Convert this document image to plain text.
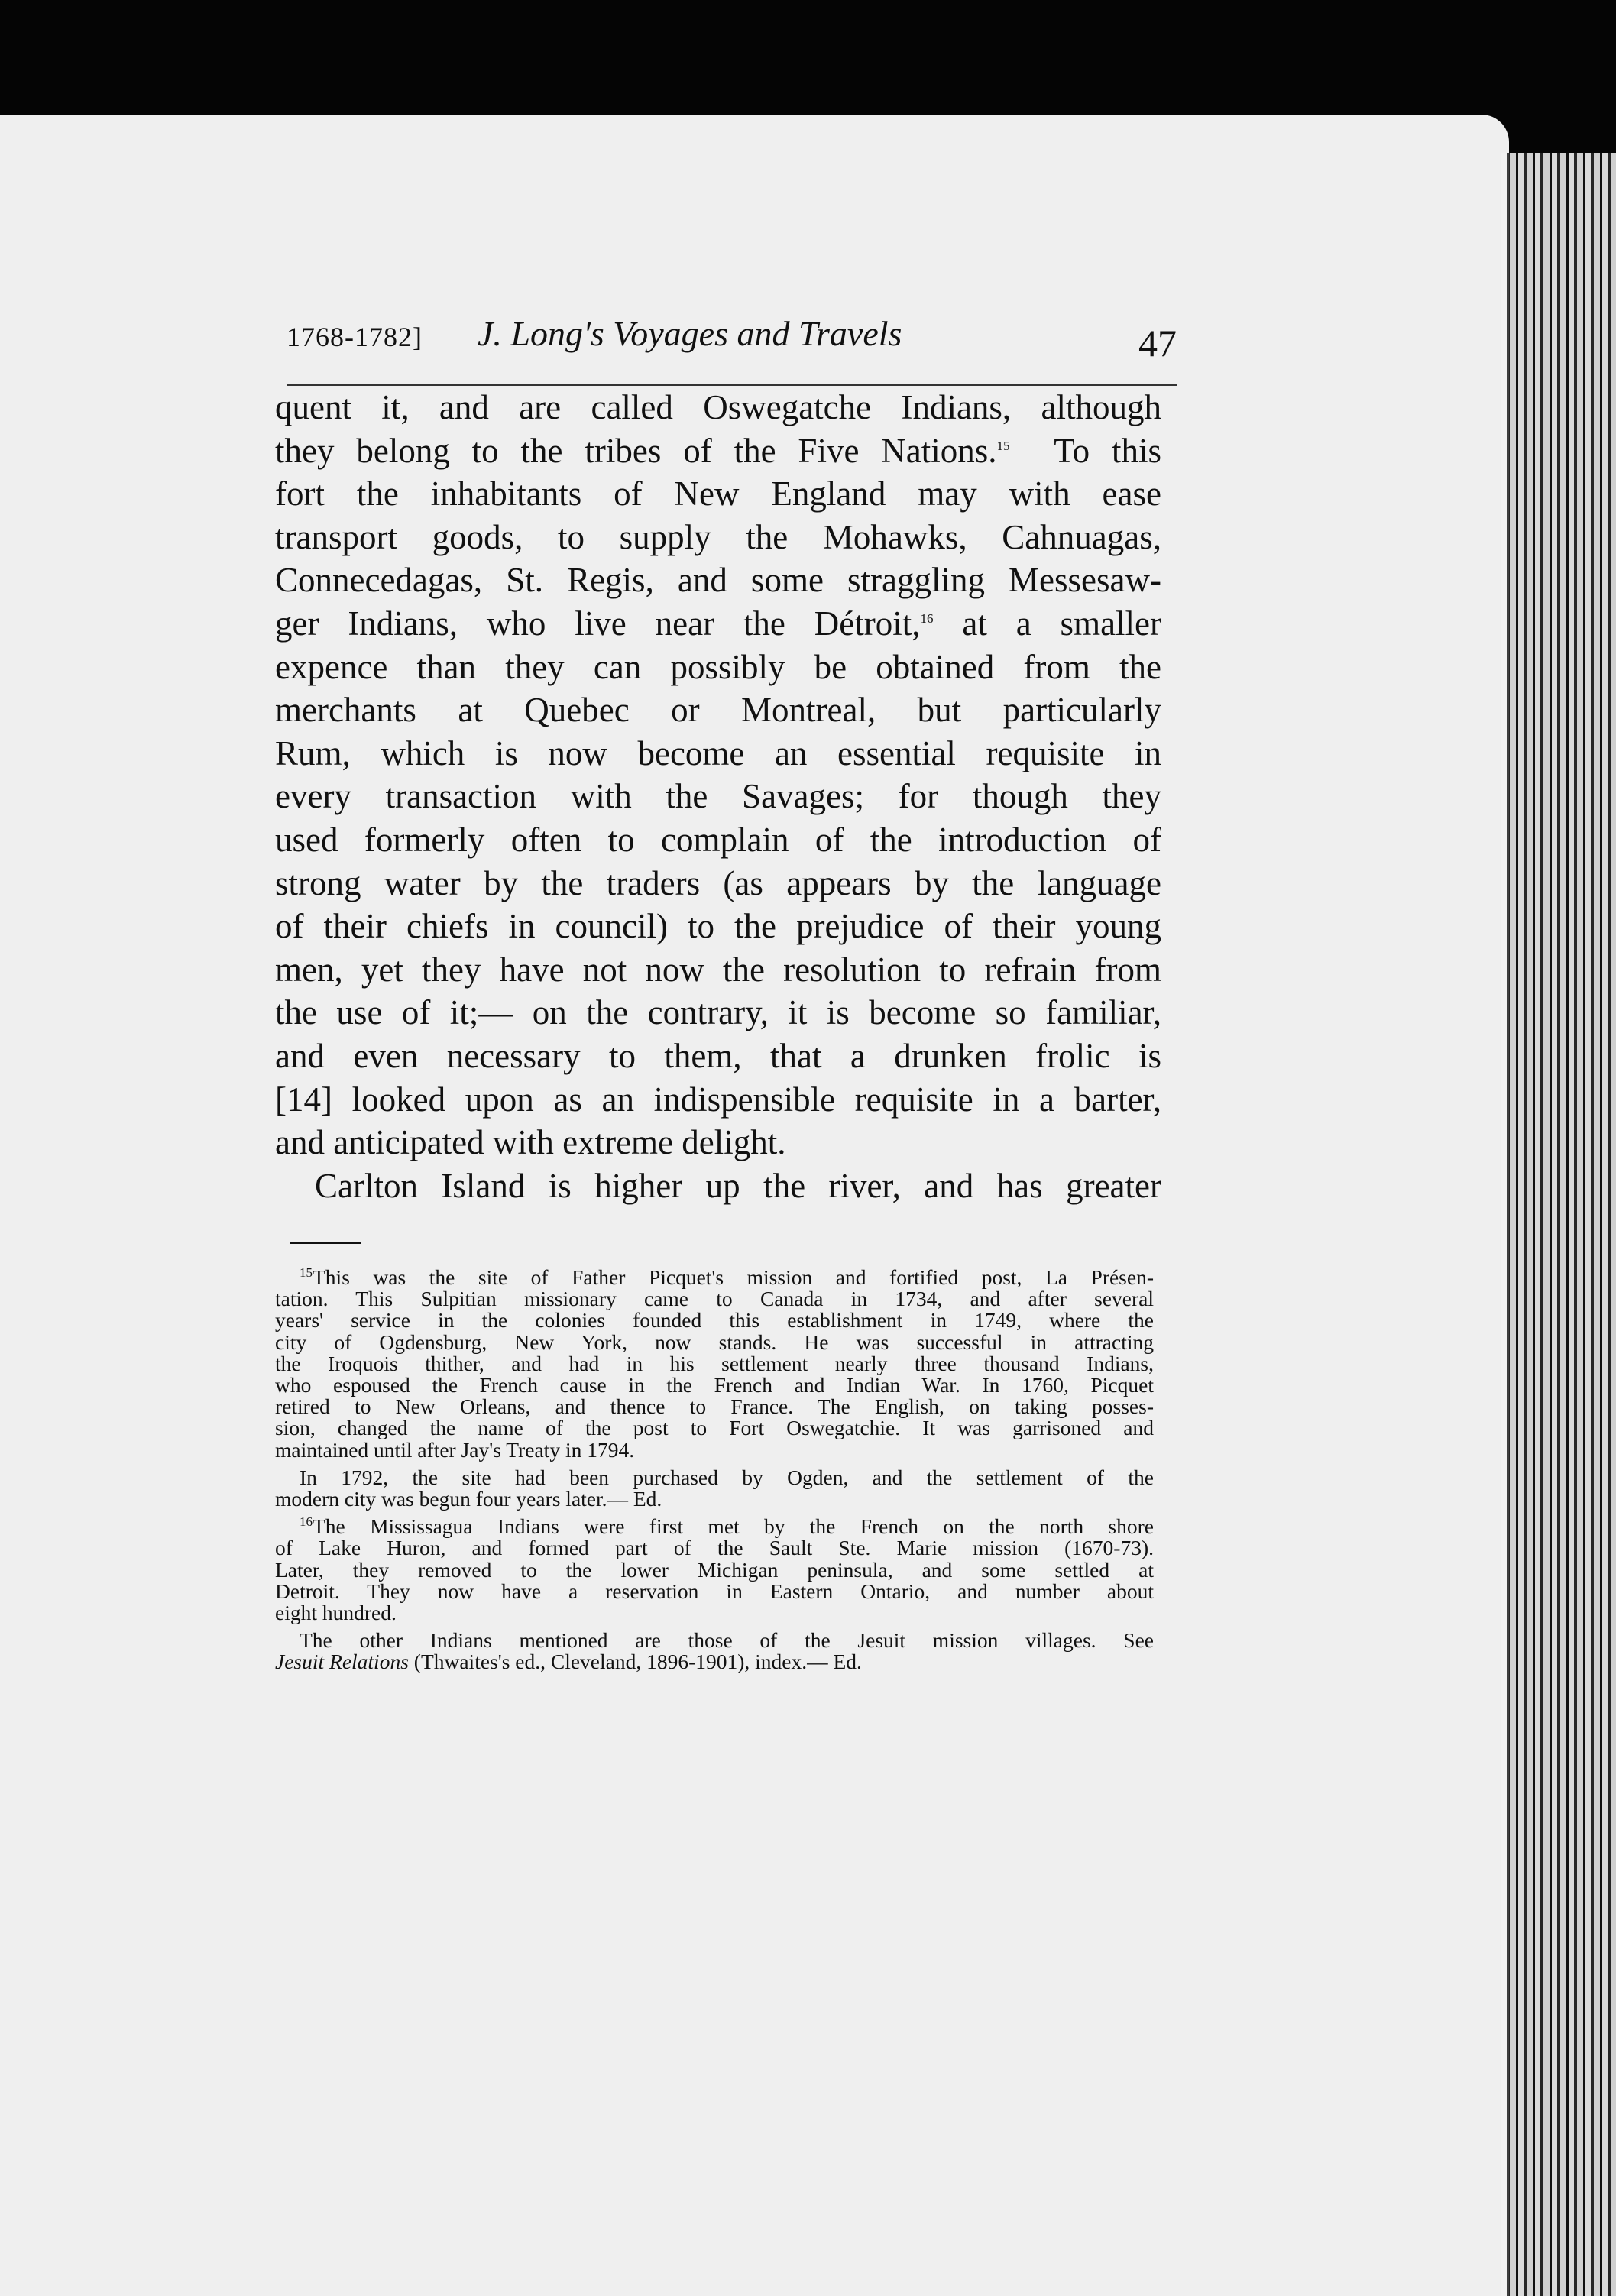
1768-1782] J. Long's Voyages and Travels	47
quent it, and are called Oswegatche Indians, although
they belong to the tribes of the Five Nations.$^{15}$ To this
fort the inhabitants of New England may with ease
transport goods, to supply the Mohawks, Cahnuagas,
Connecedagas, St. Regis, and some straggling Messesaw-
ger Indians, who live near the Détroit,$^{16}$ at a smaller
expence than they can possibly be obtained from the
merchants at Quebec or Montreal, but particularly
Rum, which is now become an essential requisite in
every transaction with the Savages; for though they
used formerly often to complain of the introduction of
strong water by the traders (as appears by the language
of their chiefs in council) to the prejudice of their young
men, yet they have not now the resolution to refrain from
the use of it;— on the contrary, it is become so familiar,
and even necessary to them, that a drunken frolic is
[14] looked upon as an indispensible requisite in a barter,
and anticipated with extreme delight.
Carlton Island is higher up the river, and has greater
$^{15}$This was the site of Father Picquet's mission and fortified post, La Présen-
tation. This Sulpitian missionary came to Canada in 1734, and after several
years' service in the colonies founded this establishment in 1749, where the
city of Ogdensburg, New York, now stands. He was successful in attracting
the Iroquois thither, and had in his settlement nearly three thousand Indians,
who espoused the French cause in the French and Indian War. In 1760, Picquet
retired to New Orleans, and thence to France. The English, on taking posses-
sion, changed the name of the post to Fort Oswegatchie. It was garrisoned and
maintained until after Jay's Treaty in 1794.
In 1792, the site had been purchased by Ogden, and the settlement of the
modern city was begun four years later.— Ed.
$^{16}$The Mississagua Indians were first met by the French on the north shore
of Lake Huron, and formed part of the Sault Ste. Marie mission (1670-73).
Later, they removed to the lower Michigan peninsula, and some settled at
Detroit. They now have a reservation in Eastern Ontario, and number about
eight hundred.
The other Indians mentioned are those of the Jesuit mission villages. See
Jesuit Relations (Thwaites's ed., Cleveland, 1896-1901), index.— Ed.
